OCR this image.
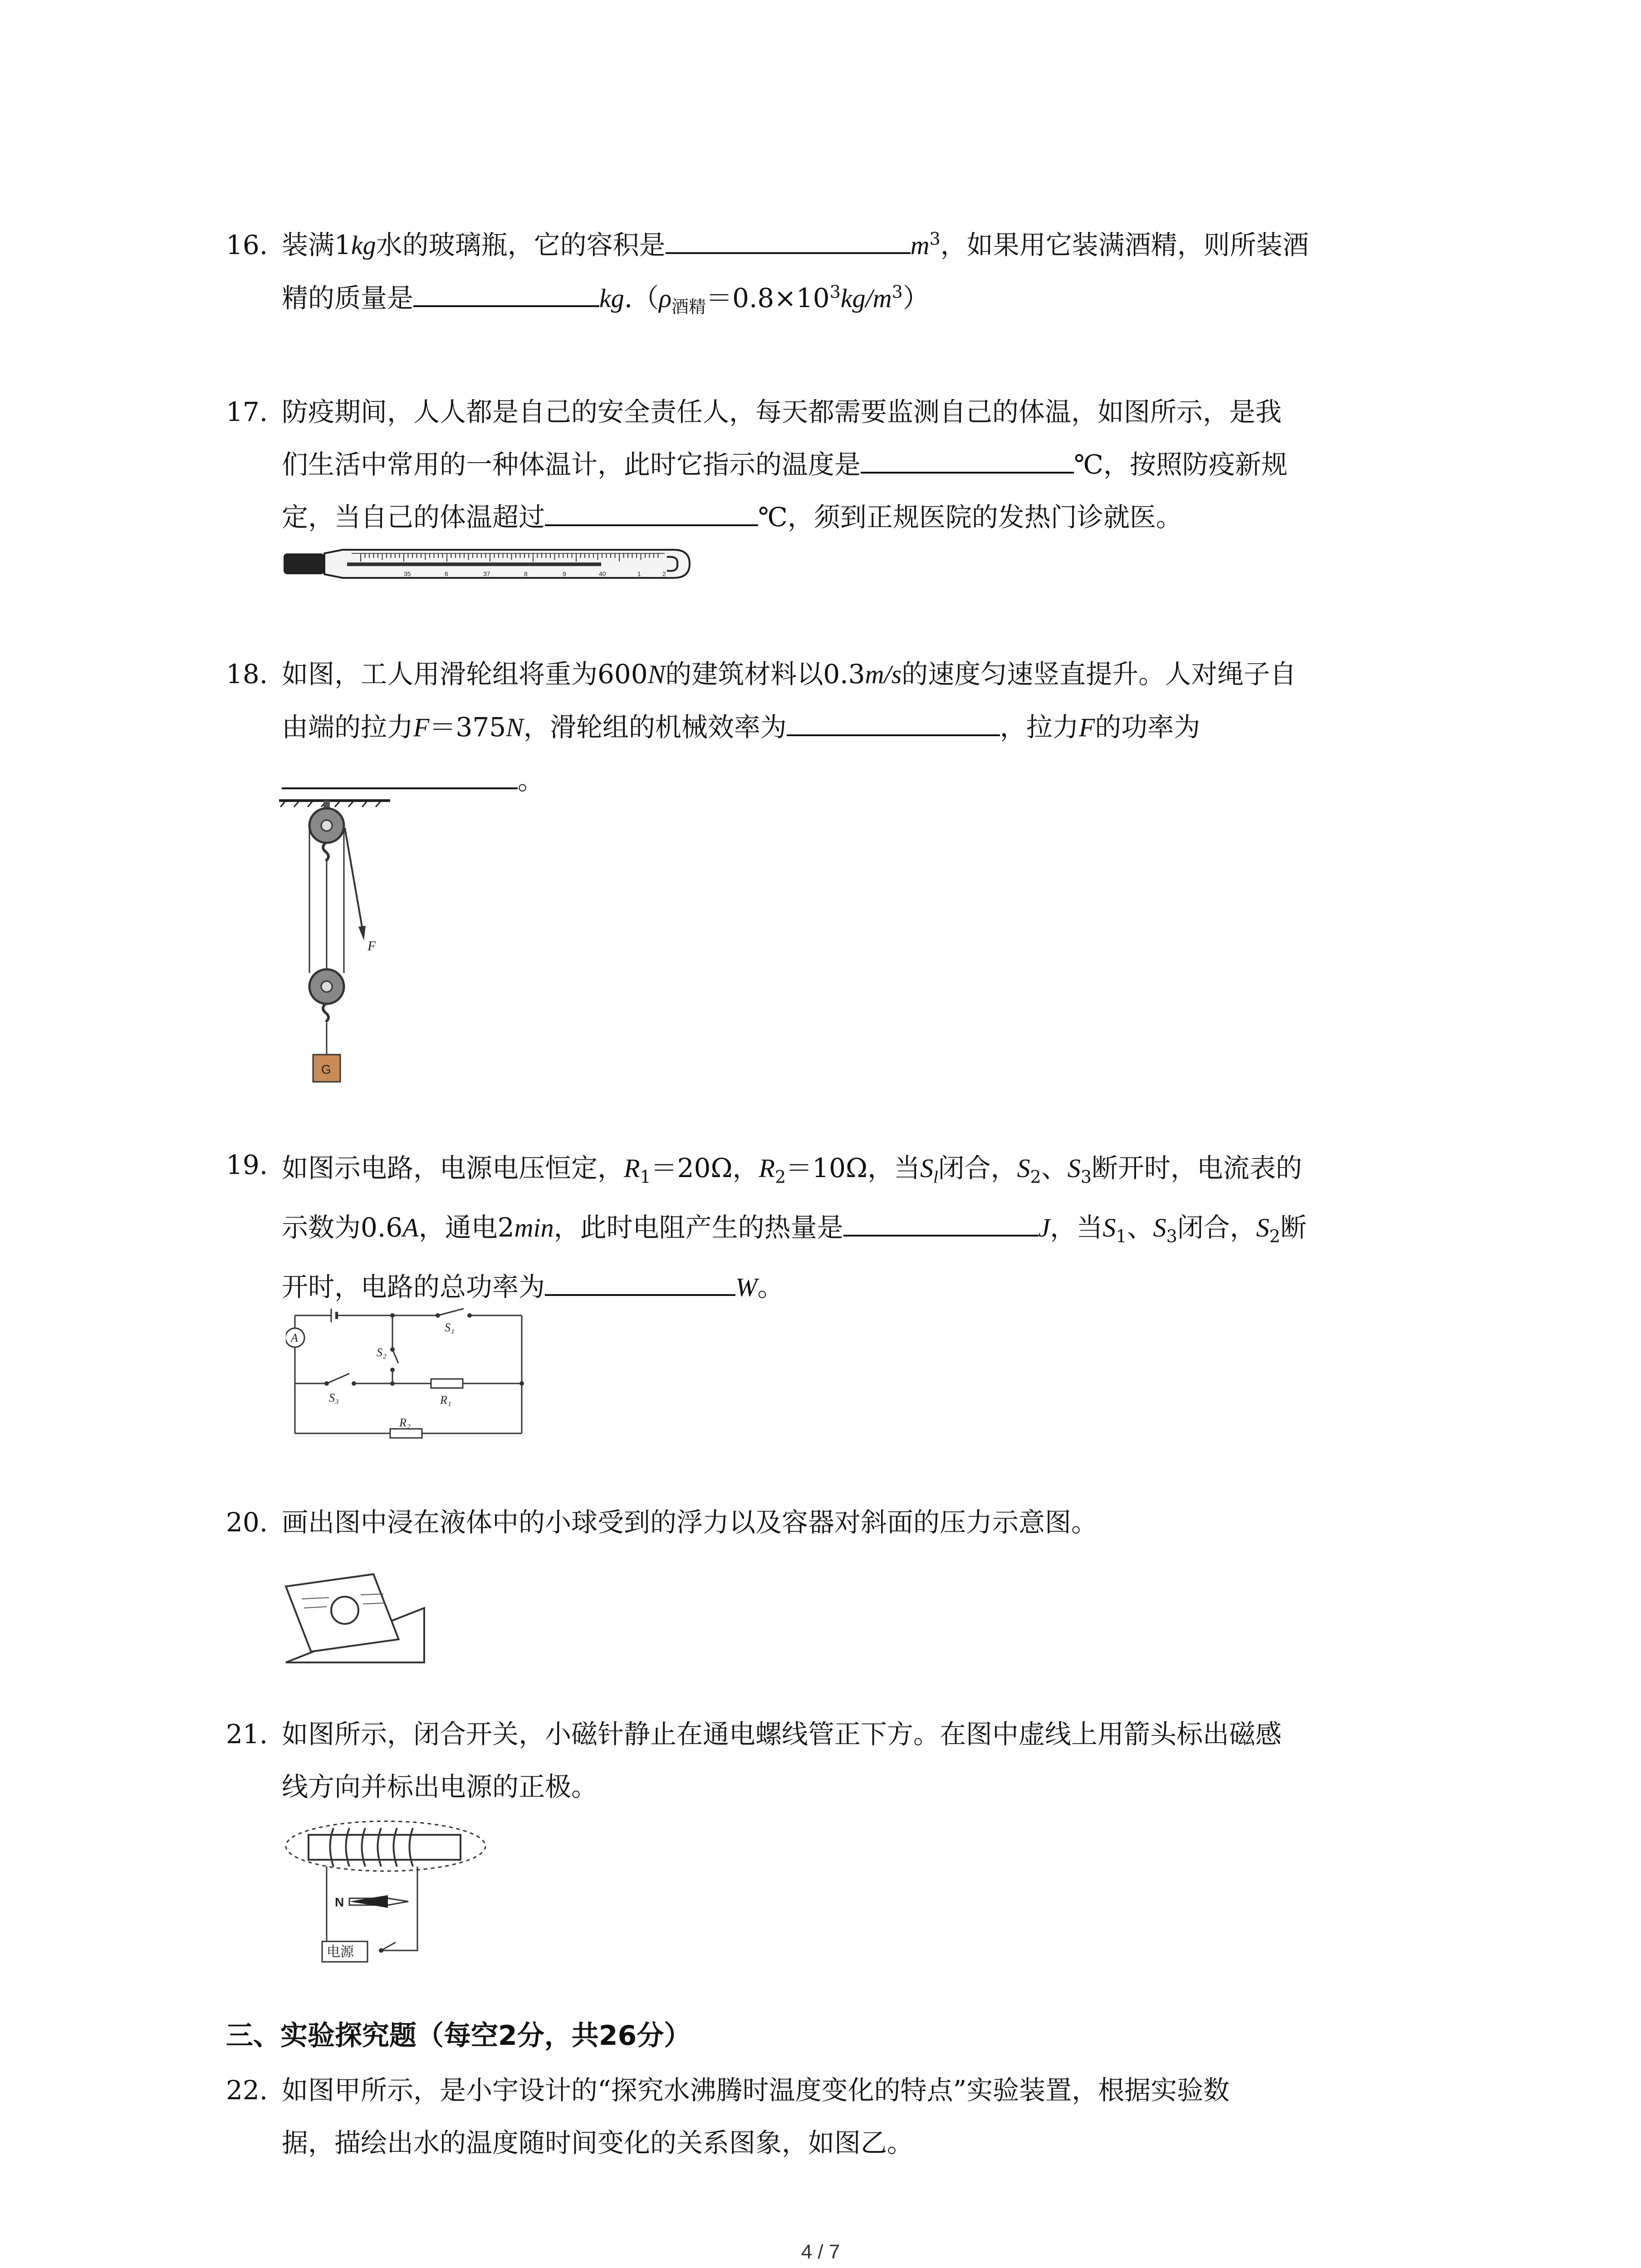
16. 装满1kg水的玻璃瓶，它的容积是	$m^3$，如果用它装满酒精，则所装酒
精的质量是	$kg.(\rho_{酒精}=0.8\times 10^3kg/m^3)$
17. 防疫期间，人人都是自己的安全责任人，每天都需要监测自己的体温，如图所示，是我
们生活中常用的一种体温计，此时它指示的温度是	℃，按照防疫新规
定，当自己的体温超过	℃，须到正规医院的发热门诊就医。
35	6	37	8	9	40	1	2
18. 如图，工人用滑轮组将重为600N的建筑材料以0.3m/s的速度匀速竖直提升。人对绳子自
由端的拉力F＝375N，滑轮组的机械效率为	，拉力F的功率为
。
F
G
19. 如图示电路，电源电压恒定，$R_1=20\Omega$，$R_2=10\Omega$，当$S_l$闭合，$S_2$、$S_3$断开时，电流表的
示数为0.6A，通电2min，此时电阻产生的热量是	J，当$S_1$、$S_3$闭合，$S_2$断
开时，电路的总功率为	W。
A
S₁
S₂
S₃	R₁
R₂
20. 画出图中浸在液体中的小球受到的浮力以及容器对斜面的压力示意图。
21. 如图所示，闭合开关，小磁针静止在通电螺线管正下方。在图中虚线上用箭头标出磁感
线方向并标出电源的正极。
电源
N
三、实验探究题（每空2分，共26分）
22. 如图甲所示，是小宇设计的“探究水沸腾时温度变化的特点”实验装置，根据实验数
据，描绘出水的温度随时间变化的关系图象，如图乙。
4 / 7
